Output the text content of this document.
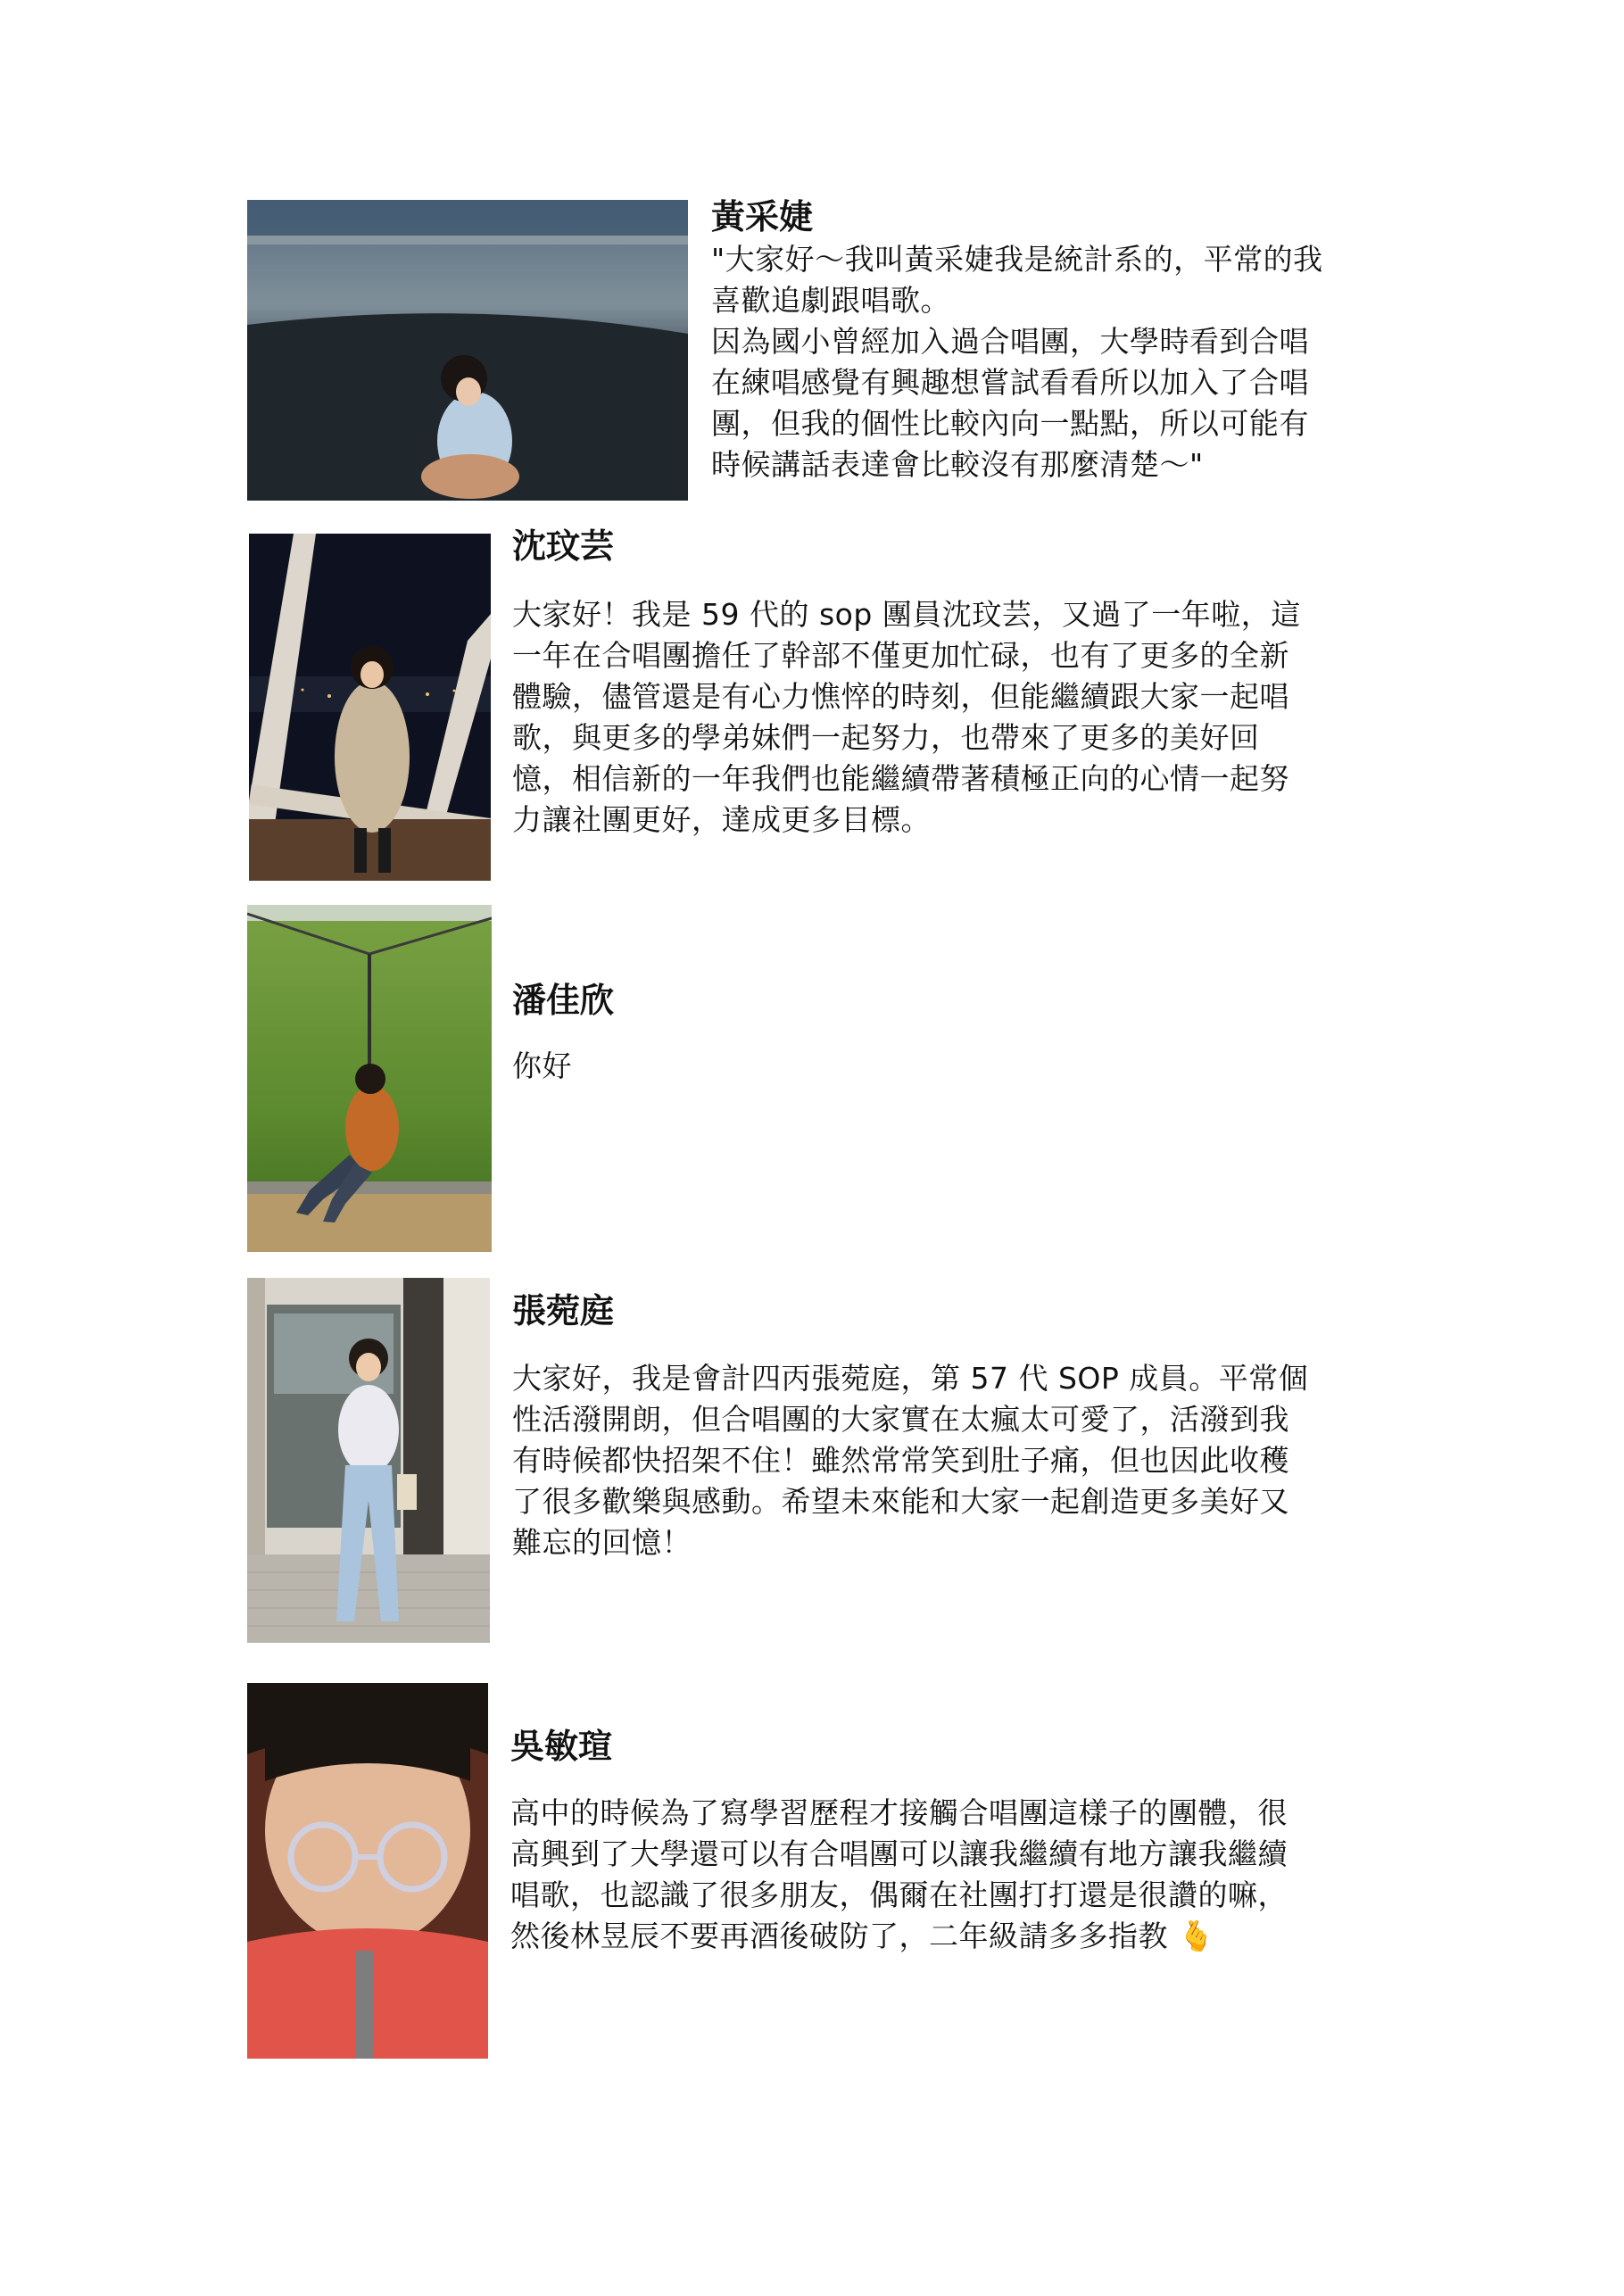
黃采婕

"大家好～我叫黃采婕我是統計系的，平常的我
喜歡追劇跟唱歌。
因為國小曾經加入過合唱團，大學時看到合唱
在練唱感覺有興趣想嘗試看看所以加入了合唱
團，但我的個性比較內向一點點，所以可能有
時候講話表達會比較沒有那麼清楚～"

沈玟芸

大家好！我是 59 代的 sop 團員沈玟芸，又過了一年啦，這
一年在合唱團擔任了幹部不僅更加忙碌，也有了更多的全新
體驗，儘管還是有心力憔悴的時刻，但能繼續跟大家一起唱
歌，與更多的學弟妹們一起努力，也帶來了更多的美好回
憶，相信新的一年我們也能繼續帶著積極正向的心情一起努
力讓社團更好，達成更多目標。

潘佳欣

你好

張菀庭

大家好，我是會計四丙張菀庭，第 57 代 SOP 成員。平常個
性活潑開朗，但合唱團的大家實在太瘋太可愛了，活潑到我
有時候都快招架不住！雖然常常笑到肚子痛，但也因此收穫
了很多歡樂與感動。希望未來能和大家一起創造更多美好又
難忘的回憶！

吳敏瑄

高中的時候為了寫學習歷程才接觸合唱團這樣子的團體，很
高興到了大學還可以有合唱團可以讓我繼續有地方讓我繼續
唱歌，也認識了很多朋友，偶爾在社團打打還是很讚的嘛，
然後林昱辰不要再酒後破防了，二年級請多多指教 🫰
